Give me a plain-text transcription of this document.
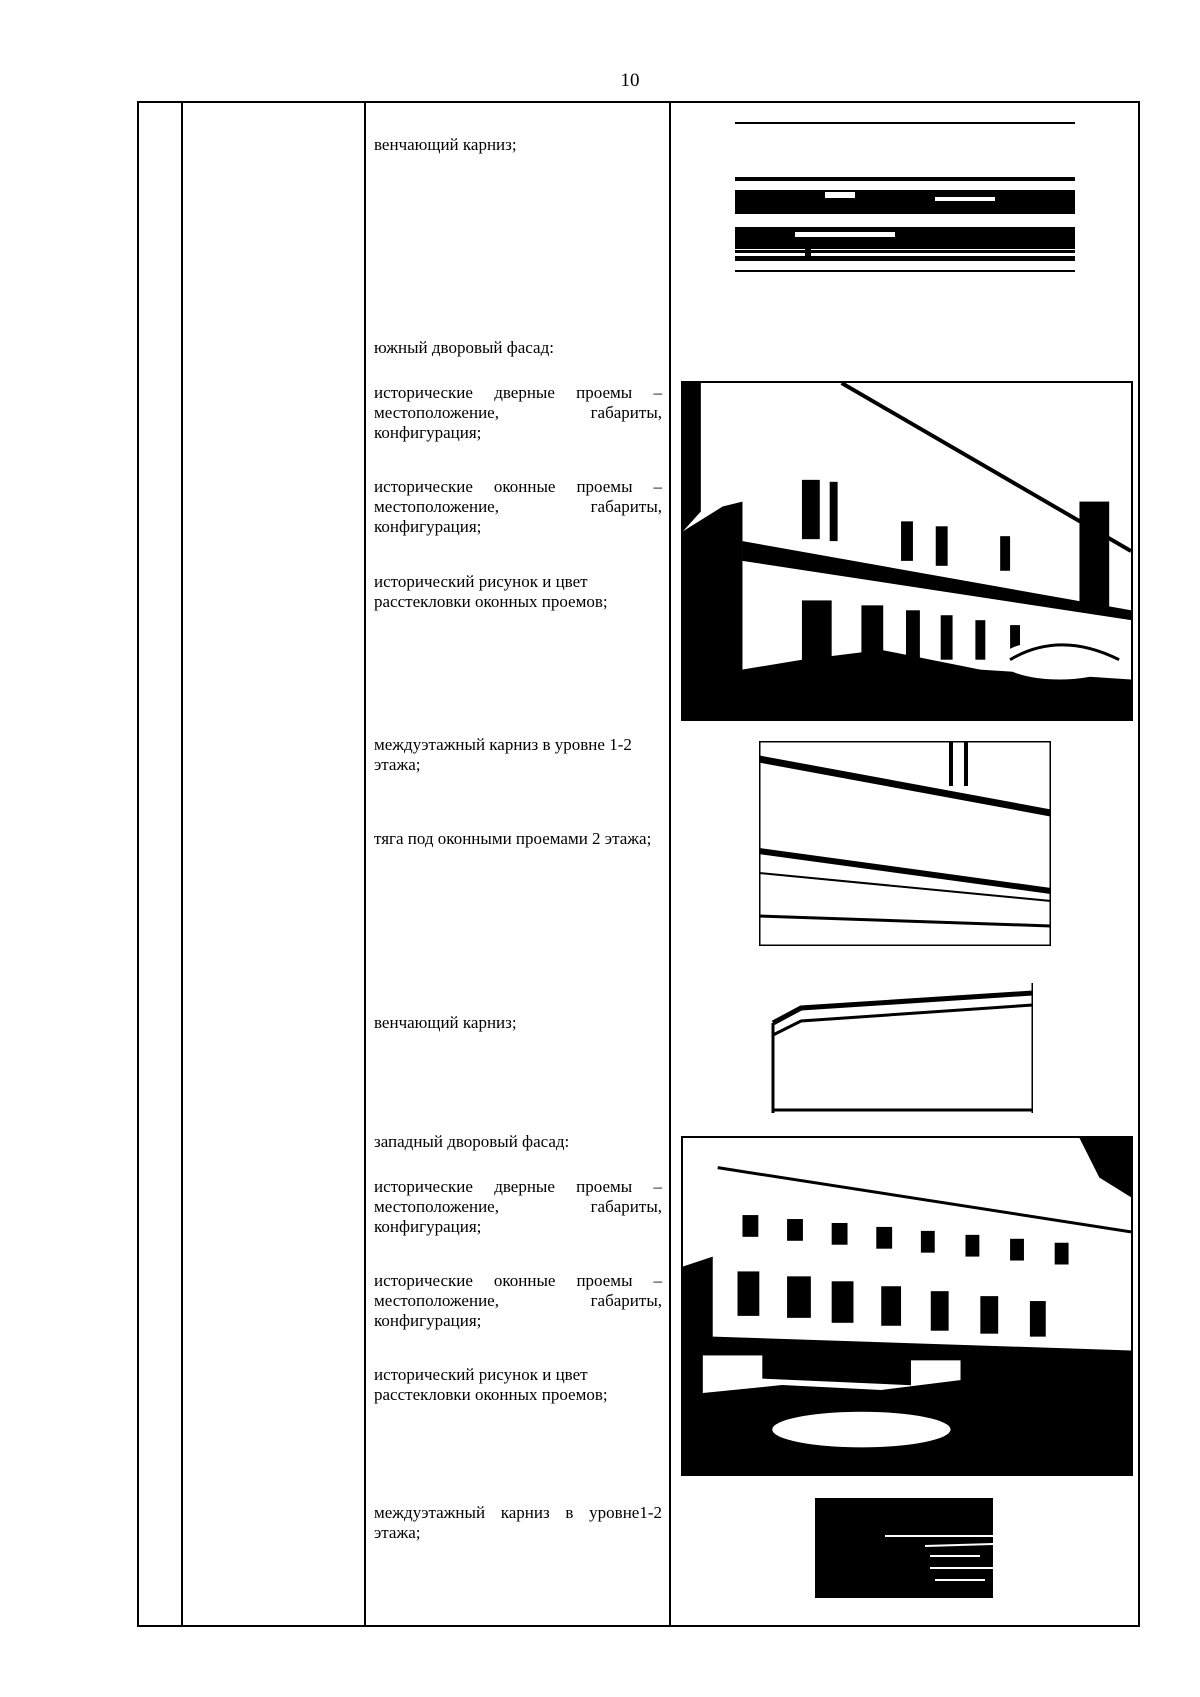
10

венчающий карниз;

южный дворовый фасад:

исторические дверные проемы – местоположение, габариты, конфигурация;

исторические оконные проемы – местоположение, габариты, конфигурация;

исторический рисунок и цвет расстекловки оконных проемов;

междуэтажный карниз в уровне 1-2 этажа;

тяга под оконными проемами 2 этажа;

венчающий карниз;

западный дворовый фасад:

исторические дверные проемы – местоположение, габариты, конфигурация;

исторические оконные проемы – местоположение, габариты, конфигурация;

исторический рисунок и цвет расстекловки оконных проемов;

междуэтажный карниз в уровне1-2 этажа;
